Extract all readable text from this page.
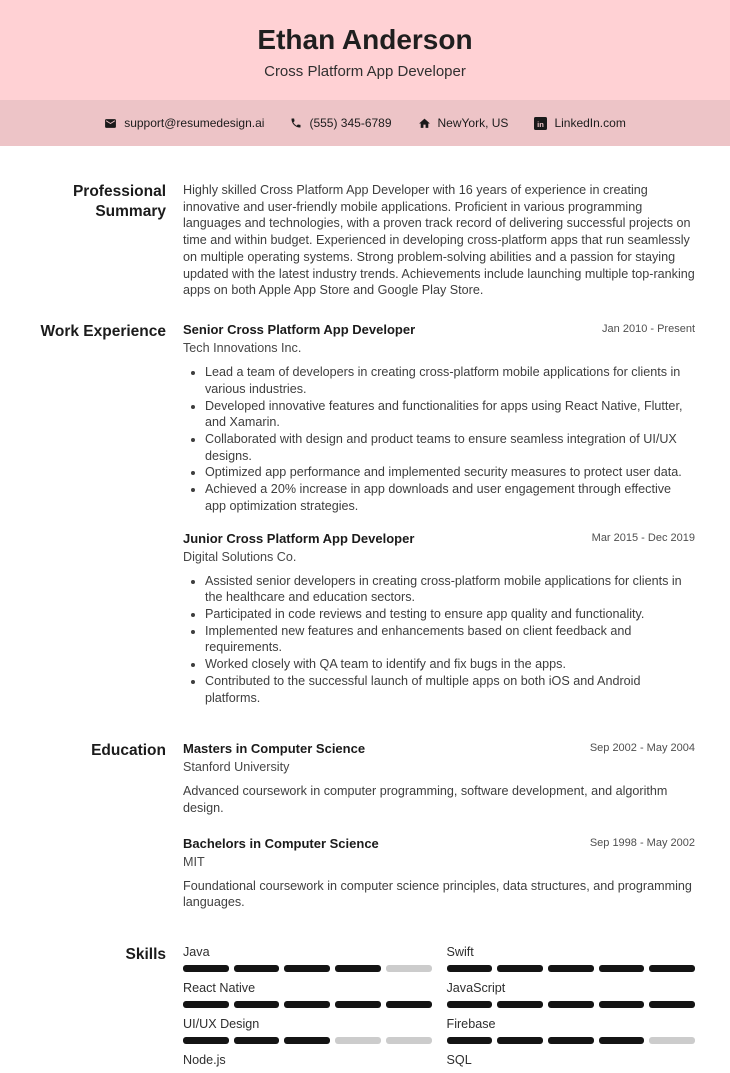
Ethan Anderson
Cross Platform App Developer
support@resumedesign.ai	(555) 345-6789	NewYork, US in LinkedIn.com
Professional Summary
Highly skilled Cross Platform App Developer with 16 years of experience in creating innovative and user-friendly mobile applications. Proficient in various programming languages and technologies, with a proven track record of delivering successful projects on time and within budget. Experienced in developing cross-platform apps that run seamlessly on multiple operating systems. Strong problem-solving abilities and a passion for staying updated with the latest industry trends. Achievements include launching multiple top-ranking apps on both Apple App Store and Google Play Store.
Work Experience Senior Cross Platform App Developer	Jan 2010 - Present
Tech Innovations Inc.
• Lead a team of developers in creating cross-platform mobile applications for clients in various industries.
• Developed innovative features and functionalities for apps using React Native, Flutter, and Xamarin.
• Collaborated with design and product teams to ensure seamless integration of UI/UX designs.
• Optimized app performance and implemented security measures to protect user data.
• Achieved a 20% increase in app downloads and user engagement through effective app optimization strategies.
Junior Cross Platform App Developer	Mar 2015 - Dec 2019
Digital Solutions Co.
• Assisted senior developers in creating cross-platform mobile applications for clients in the healthcare and education sectors.
• Participated in code reviews and testing to ensure app quality and functionality.
• Implemented new features and enhancements based on client feedback and requirements.
• Worked closely with QA team to identify and fix bugs in the apps.
• Contributed to the successful launch of multiple apps on both iOS and Android platforms.
Education Masters in Computer Science	Sep 2002 - May 2004
Stanford University
Advanced coursework in computer programming, software development, and algorithm design.
Bachelors in Computer Science	Sep 1998 - May 2002
MIT
Foundational coursework in computer science principles, data structures, and programming languages.
Skills Java	Swift
React Native	JavaScript
UI/UX Design	Firebase
Node.js	SQL
